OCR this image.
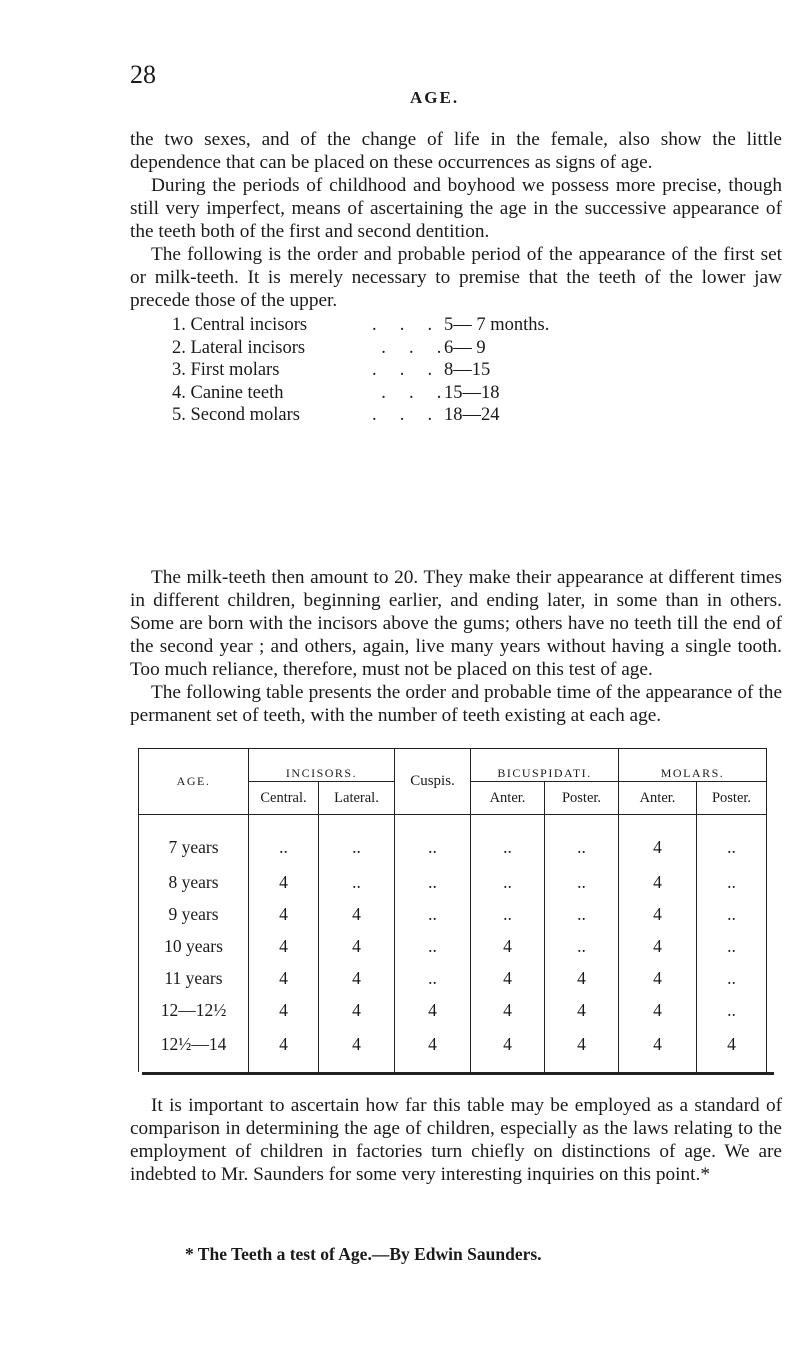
28
AGE.

the two sexes, and of the change of life in the female, also show the little dependence that can be placed on these occurrences as signs of age.

During the periods of childhood and boyhood we possess more precise, though still very imperfect, means of ascertaining the age in the successive appearance of the teeth both of the first and second dentition.

The following is the order and probable period of the appearance of the first set or milk-teeth. It is merely necessary to premise that the teeth of the lower jaw precede those of the upper.

1. Central incisors	5— 7 months.
.     .     .
2. Lateral incisors	6— 9
.     .     .
3. First molars	8—15
.     .     .
4. Canine teeth	15—18
.     .     .
5. Second molars	18—24
.     .     .

The milk-teeth then amount to 20. They make their appearance at different times in different children, beginning earlier, and ending later, in some than in others. Some are born with the incisors above the gums; others have no teeth till the end of the second year ; and others, again, live many years without having a single tooth. Too much reliance, therefore, must not be placed on this test of age.

The following table presents the order and probable time of the appearance of the permanent set of teeth, with the number of teeth existing at each age.

AGE.	INCISORS.		Cuspis.	BICUSPIDATI.		MOLARS.	
	Central.	Lateral.		Anter.	Poster.	Anter.	Poster.
7 years	..	..	..	..	..	4	..
8 years	4	..	..	..	..	4	..
9 years	4	4	..	..	..	4	..
10 years	4	4	..	4	..	4	..
11 years	4	4	..	4	4	4	..
12—12½	4	4	4	4	4	4	..
12½—14	4	4	4	4	4	4	4

It is important to ascertain how far this table may be employed as a standard of comparison in determining the age of children, especially as the laws relating to the employment of children in factories turn chiefly on distinctions of age. We are indebted to Mr. Saunders for some very interesting inquiries on this point.*

* The Teeth a test of Age.—By Edwin Saunders.
